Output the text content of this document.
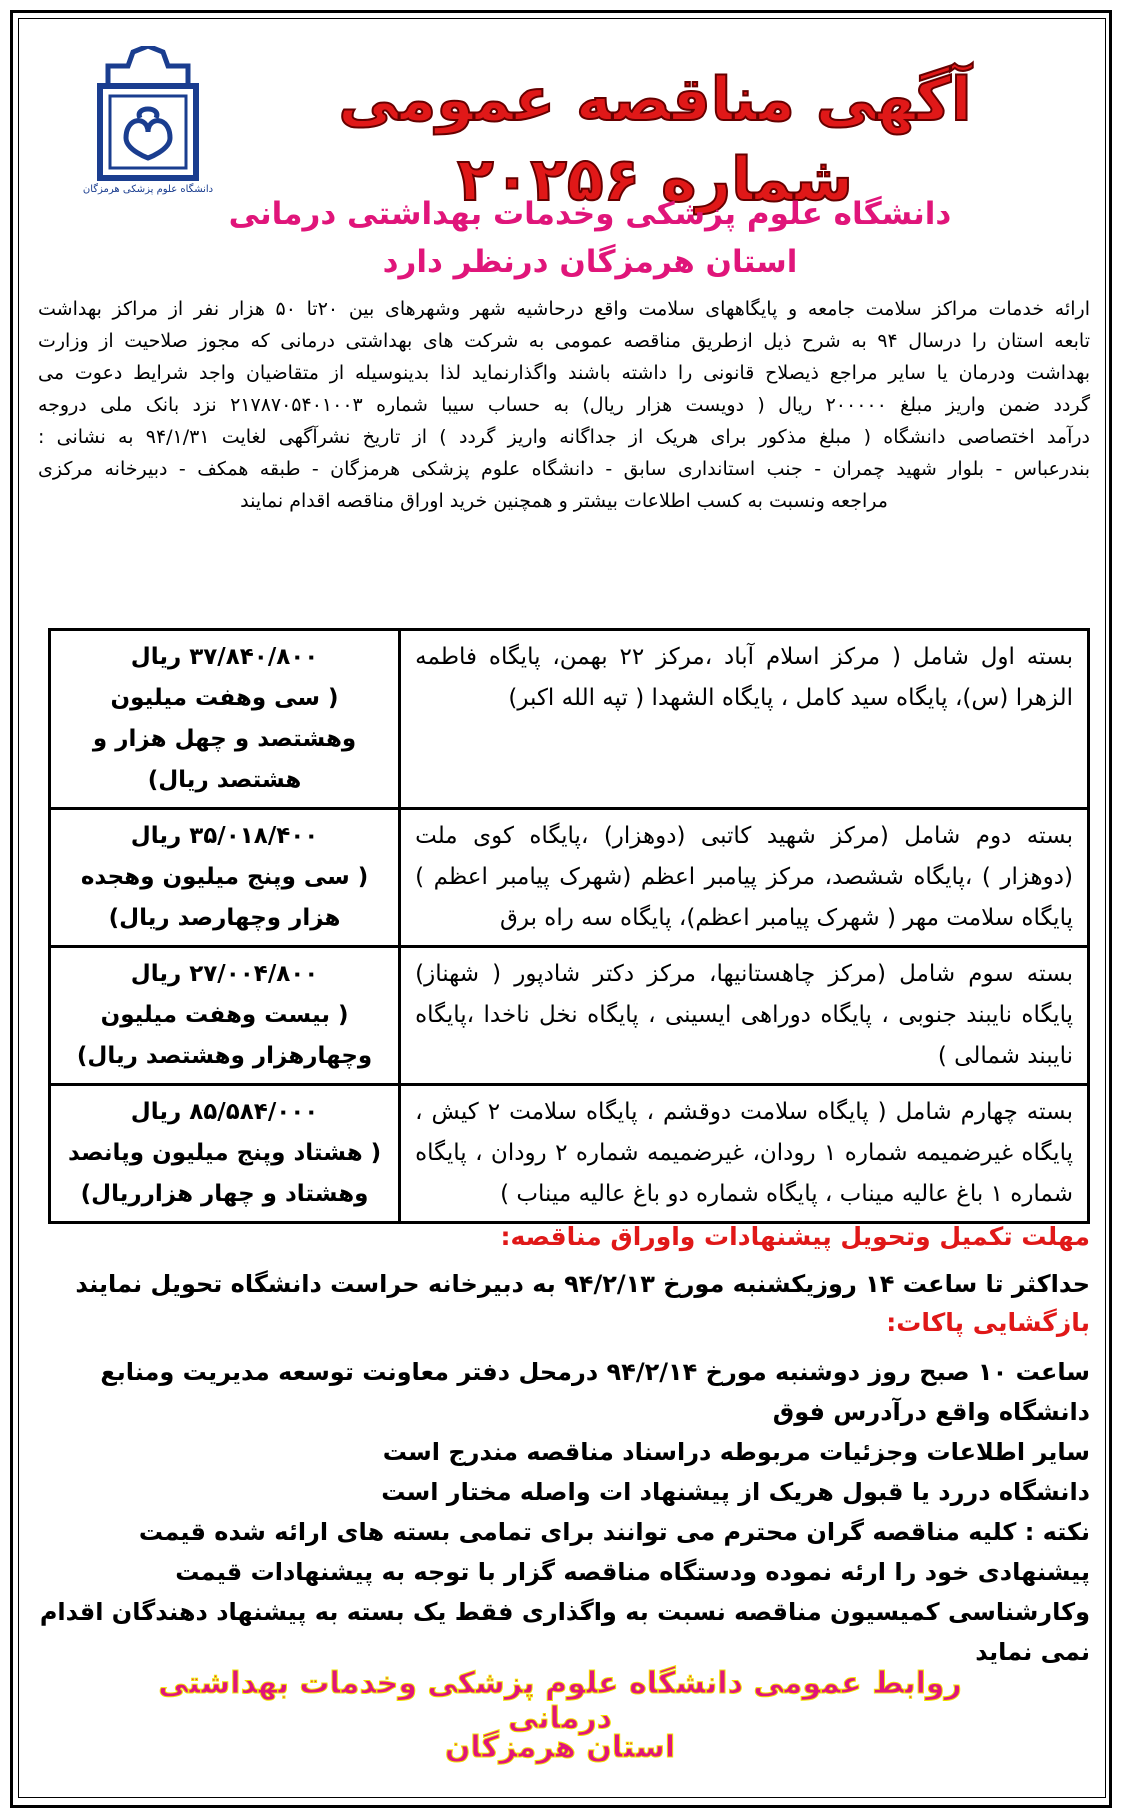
دانشگاه علوم پزشکی هرمزگان
آگهی مناقصه عمومی شماره ۲۰۲۵۶
دانشگاه علوم پزشکی وخدمات بهداشتی درمانی
استان هرمزگان درنظر دارد

ارائه خدمات مراکز سلامت جامعه و پایگاههای سلامت واقع درحاشیه شهر وشهرهای بین ۲۰تا ۵۰ هزار نفر از مراکز بهداشت

تابعه استان را درسال ۹۴ به شرح ذیل ازطریق مناقصه عمومی به شرکت های بهداشتی درمانی که مجوز صلاحیت از وزارت

بهداشت ودرمان یا سایر مراجع ذیصلاح قانونی را داشته باشند واگذارنماید لذا بدینوسیله از متقاضیان واجد شرایط دعوت می

گردد ضمن واریز مبلغ ۲۰۰۰۰۰ ریال ( دویست هزار ریال) به حساب سیبا شماره ۲۱۷۸۷۰۵۴۰۱۰۰۳ نزد بانک ملی دروجه

درآمد اختصاصی دانشگاه ( مبلغ مذکور برای هریک از جداگانه واریز گردد ) از تاریخ نشرآگهی لغایت ۹۴/۱/۳۱ به نشانی :

بندرعباس - بلوار شهید چمران - جنب استانداری سابق - دانشگاه علوم پزشکی هرمزگان - طبقه همکف - دبیرخانه مرکزی

مراجعه ونسبت به کسب اطلاعات بیشتر و همچنین خرید اوراق مناقصه اقدام نمایند

بسته اول شامل ( مرکز اسلام آباد ،مرکز ۲۲ بهمن، پایگاه فاطمه الزهرا (س)، پایگاه سید کامل ، پایگاه الشهدا ( تپه الله اکبر)	۳۷/۸۴۰/۸۰۰ ریال
( سی وهفت میلیون وهشتصد و چهل هزار و هشتصد ریال)

بسته دوم شامل (مرکز شهید کاتبی (دوهزار) ،پایگاه کوی ملت (دوهزار ) ،پایگاه ششصد، مرکز پیامبر اعظم (شهرک پیامبر اعظم ) پایگاه سلامت مهر ( شهرک پیامبر اعظم)، پایگاه سه راه برق	۳۵/۰۱۸/۴۰۰ ریال
( سی وپنج میلیون وهجده هزار وچهارصد ریال)

بسته سوم شامل (مرکز چاهستانیها، مرکز دکتر شادپور ( شهناز) پایگاه نایبند جنوبی ، پایگاه دوراهی ایسینی ، پایگاه نخل ناخدا ،پایگاه نایبند شمالی )	۲۷/۰۰۴/۸۰۰ ریال
( بیست وهفت میلیون وچهارهزار وهشتصد ریال)

بسته چهارم شامل ( پایگاه سلامت دوقشم ، پایگاه سلامت ۲ کیش ، پایگاه غیرضمیمه شماره ۱ رودان، غیرضمیمه شماره ۲ رودان ، پایگاه شماره ۱ باغ عالیه میناب ، پایگاه شماره دو باغ عالیه میناب )	۸۵/۵۸۴/۰۰۰ ریال
( هشتاد وپنج میلیون وپانصد وهشتاد و چهار هزارریال)
مهلت تکمیل وتحویل پیشنهادات واوراق مناقصه:
حداکثر تا ساعت ۱۴ روزیکشنبه مورخ ۹۴/۲/۱۳ به دبیرخانه حراست دانشگاه تحویل نمایند
بازگشایی پاکات:

ساعت ۱۰ صبح روز دوشنبه مورخ ۹۴/۲/۱۴ درمحل دفتر معاونت توسعه مدیریت ومنابع دانشگاه واقع درآدرس فوق

سایر اطلاعات وجزئیات مربوطه دراسناد مناقصه مندرج است

دانشگاه دررد یا قبول هریک از پیشنهاد ات واصله مختار است

نکته : کلیه مناقصه گران محترم می توانند برای تمامی بسته های ارائه شده قیمت پیشنهادی خود را ارئه نموده ودستگاه مناقصه گزار با توجه به پیشنهادات قیمت وکارشناسی کمیسیون مناقصه نسبت به واگذاری فقط یک بسته به پیشنهاد دهندگان اقدام نمی نماید

روابط عمومی دانشگاه علوم پزشکی وخدمات بهداشتی درمانی
استان هرمزگان
